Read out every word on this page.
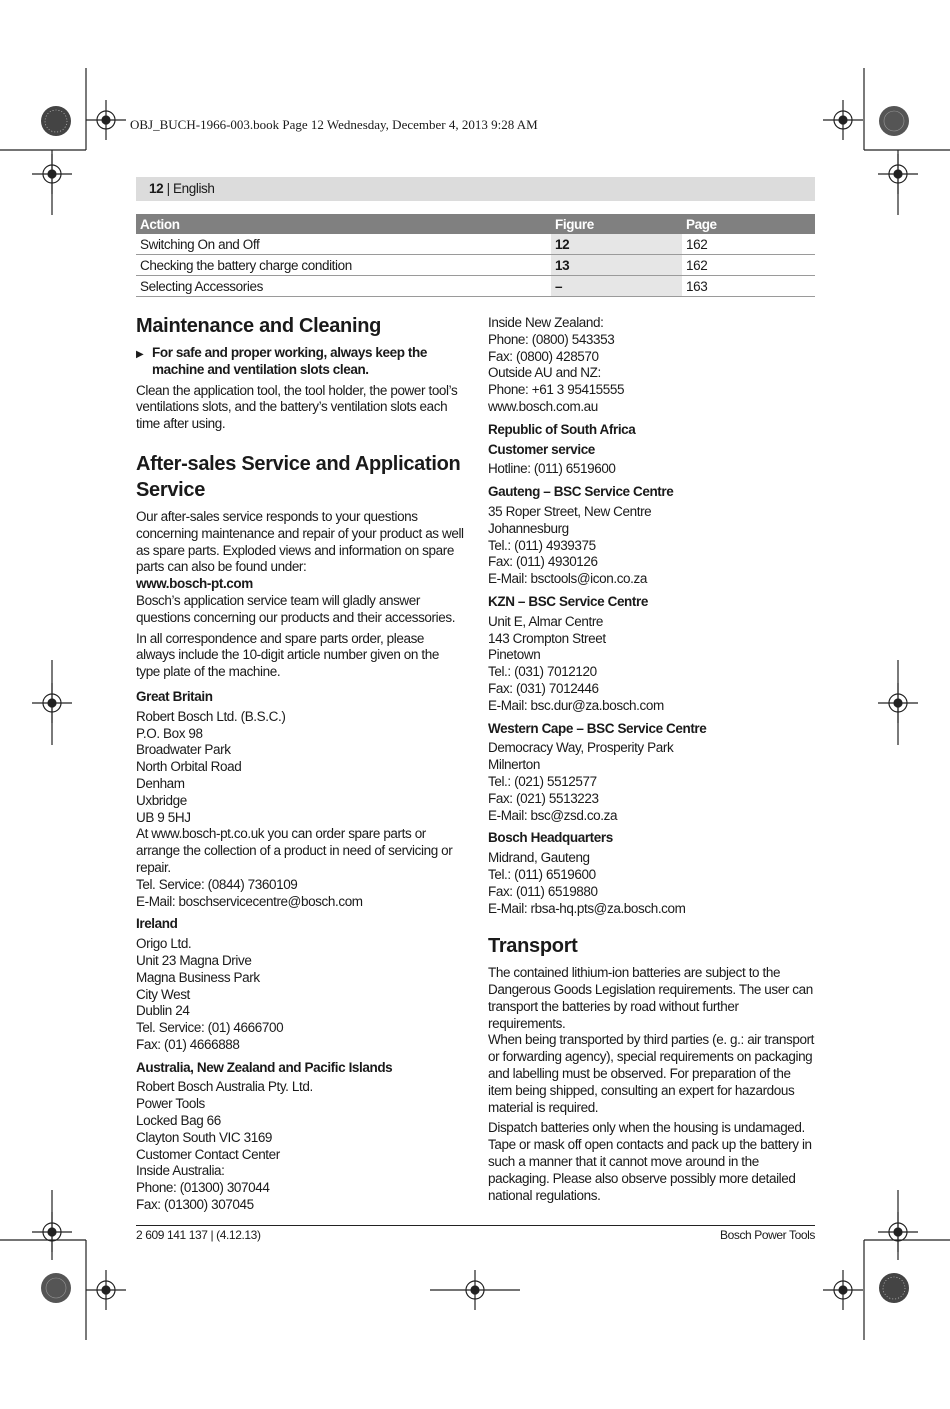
OBJ_BUCH-1966-003.book Page 12 Wednesday, December 4, 2013 9:28 AM
12 | English
Action	Figure	Page
Switching On and Off	12	162
Checking the battery charge condition	13	162
Selecting Accessories	–	163
Maintenance and Cleaning
▶ For safe and proper working, always keep the machine and ventilation slots clean.

Clean the application tool, the tool holder, the power tool’s ventilations slots, and the battery’s ventilation slots each time after using.

After-sales Service and Application Service

Our after-sales service responds to your questions concerning maintenance and repair of your product as well as spare parts. Exploded views and information on spare parts can also be found under:

www.bosch-pt.com

Bosch’s application service team will gladly answer questions concerning our products and their accessories.

In all correspondence and spare parts order, please always include the 10-digit article number given on the type plate of the machine.

Great Britain
Robert Bosch Ltd. (B.S.C.)
P.O. Box 98
Broadwater Park
North Orbital Road
Denham
Uxbridge
UB 9 5HJ
At www.bosch-pt.co.uk you can order spare parts or arrange the collection of a product in need of servicing or repair.
Tel. Service: (0844) 7360109
E-Mail: boschservicecentre@bosch.com
Ireland
Origo Ltd.
Unit 23 Magna Drive
Magna Business Park
City West
Dublin 24
Tel. Service: (01) 4666700
Fax: (01) 4666888
Australia, New Zealand and Pacific Islands
Robert Bosch Australia Pty. Ltd.
Power Tools
Locked Bag 66
Clayton South VIC 3169
Customer Contact Center
Inside Australia:
Phone: (01300) 307044
Fax: (01300) 307045
Inside New Zealand:
Phone: (0800) 543353
Fax: (0800) 428570
Outside AU and NZ:
Phone: +61 3 95415555
www.bosch.com.au
Republic of South Africa
Customer service
Hotline: (011) 6519600
Gauteng – BSC Service Centre
35 Roper Street, New Centre
Johannesburg
Tel.: (011) 4939375
Fax: (011) 4930126
E-Mail: bsctools@icon.co.za
KZN – BSC Service Centre
Unit E, Almar Centre
143 Crompton Street
Pinetown
Tel.: (031) 7012120
Fax: (031) 7012446
E-Mail: bsc.dur@za.bosch.com
Western Cape – BSC Service Centre
Democracy Way, Prosperity Park
Milnerton
Tel.: (021) 5512577
Fax: (021) 5513223
E-Mail: bsc@zsd.co.za
Bosch Headquarters
Midrand, Gauteng
Tel.: (011) 6519600
Fax: (011) 6519880
E-Mail: rbsa-hq.pts@za.bosch.com
Transport

The contained lithium-ion batteries are subject to the Dangerous Goods Legislation requirements. The user can transport the batteries by road without further requirements.

When being transported by third parties (e. g.: air transport or forwarding agency), special requirements on packaging and labelling must be observed. For preparation of the item being shipped, consulting an expert for hazardous material is required.

Dispatch batteries only when the housing is undamaged. Tape or mask off open contacts and pack up the battery in such a manner that it cannot move around in the packaging. Please also observe possibly more detailed national regulations.

2 609 141 137 | (4.12.13)	Bosch Power Tools
